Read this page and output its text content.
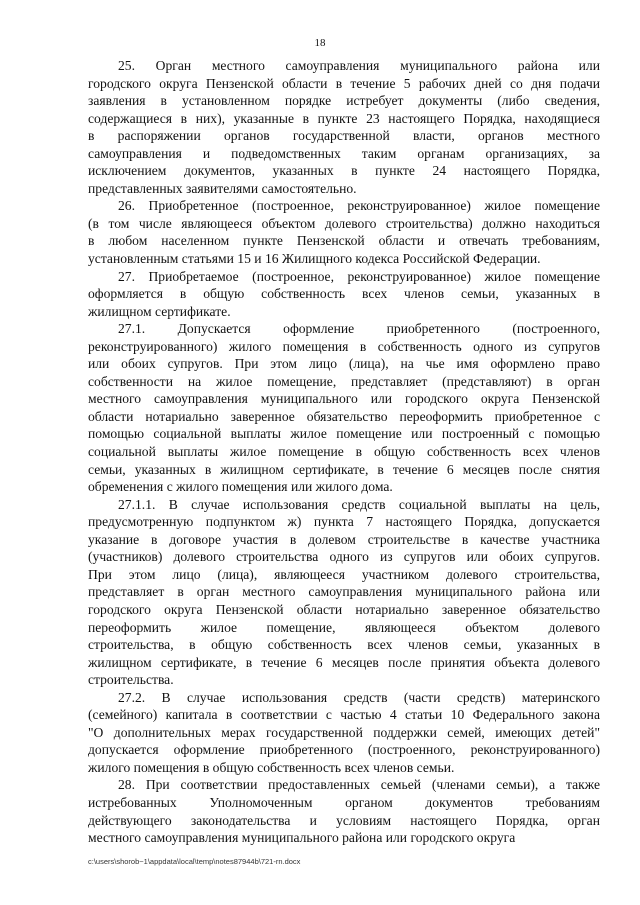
18
25. Орган местного самоуправления муниципального района или
городского округа Пензенской области в течение 5 рабочих дней со дня подачи
заявления в установленном порядке истребует документы (либо сведения,
содержащиеся в них), указанные в пункте 23 настоящего Порядка, находящиеся
в распоряжении органов государственной власти, органов местного
самоуправления и подведомственных таким органам организациях, за
исключением документов, указанных в пункте 24 настоящего Порядка,
представленных заявителями самостоятельно.
26. Приобретенное (построенное, реконструированное) жилое помещение
(в том числе являющееся объектом долевого строительства) должно находиться
в любом населенном пункте Пензенской области и отвечать требованиям,
установленным статьями 15 и 16 Жилищного кодекса Российской Федерации.
27. Приобретаемое (построенное, реконструированное) жилое помещение
оформляется в общую собственность всех членов семьи, указанных в
жилищном сертификате.
27.1. Допускается оформление приобретенного (построенного,
реконструированного) жилого помещения в собственность одного из супругов
или обоих супругов. При этом лицо (лица), на чье имя оформлено право
собственности на жилое помещение, представляет (представляют) в орган
местного самоуправления муниципального или городского округа Пензенской
области нотариально заверенное обязательство переоформить приобретенное с
помощью социальной выплаты жилое помещение или построенный с помощью
социальной выплаты жилое помещение в общую собственность всех членов
семьи, указанных в жилищном сертификате, в течение 6 месяцев после снятия
обременения с жилого помещения или жилого дома.
27.1.1. В случае использования средств социальной выплаты на цель,
предусмотренную подпунктом ж) пункта 7 настоящего Порядка, допускается
указание в договоре участия в долевом строительстве в качестве участника
(участников) долевого строительства одного из супругов или обоих супругов.
При этом лицо (лица), являющееся участником долевого строительства,
представляет в орган местного самоуправления муниципального района или
городского округа Пензенской области нотариально заверенное обязательство
переоформить жилое помещение, являющееся объектом долевого
строительства, в общую собственность всех членов семьи, указанных в
жилищном сертификате, в течение 6 месяцев после принятия объекта долевого
строительства.
27.2. В случае использования средств (части средств) материнского
(семейного) капитала в соответствии с частью 4 статьи 10 Федерального закона
"О дополнительных мерах государственной поддержки семей, имеющих детей"
допускается оформление приобретенного (построенного, реконструированного)
жилого помещения в общую собственность всех членов семьи.
28. При соответствии предоставленных семьей (членами семьи), а также
истребованных Уполномоченным органом документов требованиям
действующего законодательства и условиям настоящего Порядка, орган
местного самоуправления муниципального района или городского округа
c:\users\shorob~1\appdata\local\temp\notes87944b\721-rn.docx
